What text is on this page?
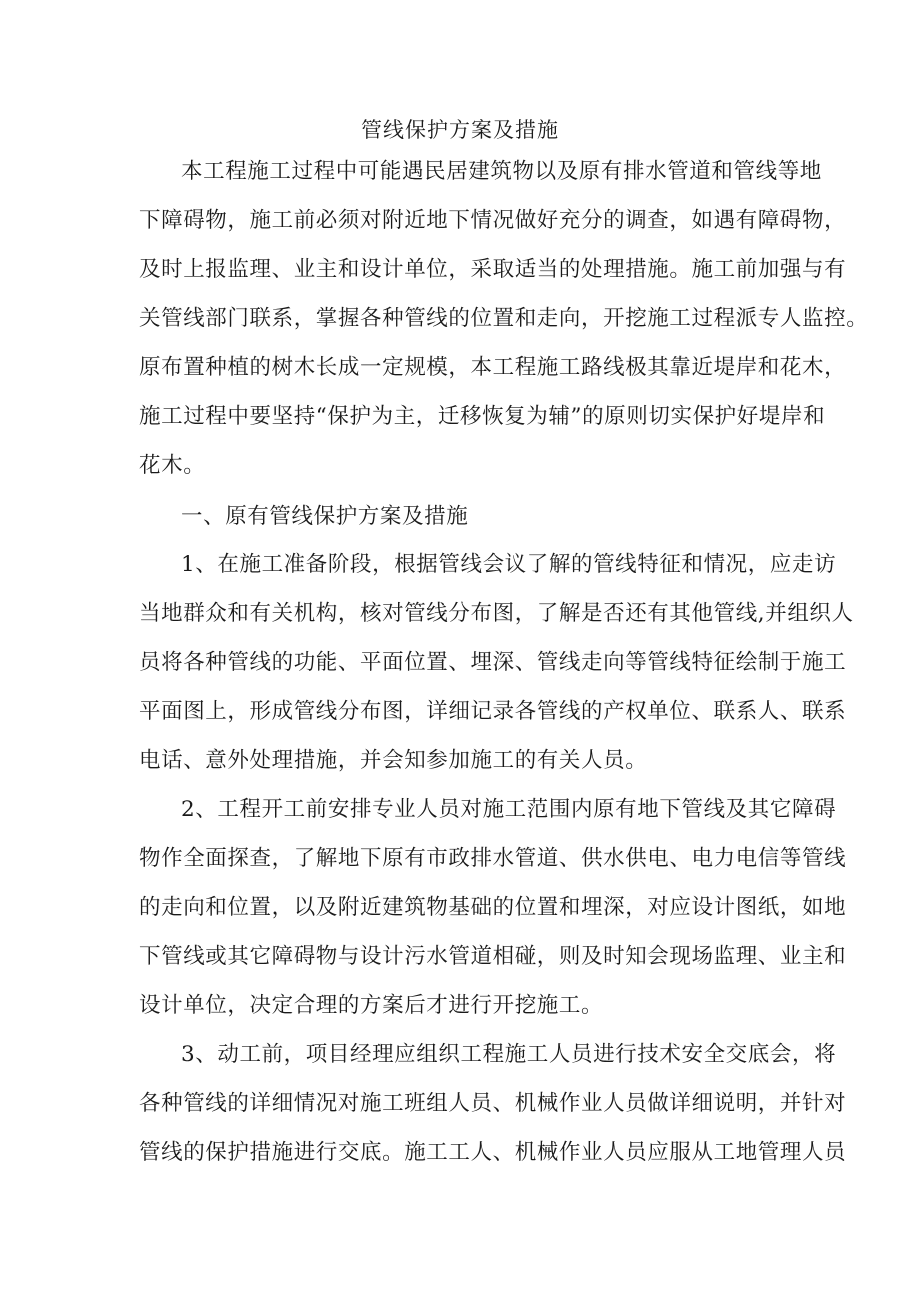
管线保护方案及措施

本工程施工过程中可能遇民居建筑物以及原有排水管道和管线等地

下障碍物，施工前必须对附近地下情况做好充分的调查，如遇有障碍物，

及时上报监理、业主和设计单位，采取适当的处理措施。施工前加强与有

关管线部门联系，掌握各种管线的位置和走向，开挖施工过程派专人监控。

原布置种植的树木长成一定规模，本工程施工路线极其靠近堤岸和花木，

施工过程中要坚持“保护为主，迁移恢复为辅”的原则切实保护好堤岸和

花木。

一、原有管线保护方案及措施

1、在施工准备阶段，根据管线会议了解的管线特征和情况，应走访

当地群众和有关机构，核对管线分布图，了解是否还有其他管线,并组织人

员将各种管线的功能、平面位置、埋深、管线走向等管线特征绘制于施工

平面图上，形成管线分布图，详细记录各管线的产权单位、联系人、联系

电话、意外处理措施，并会知参加施工的有关人员。

2、工程开工前安排专业人员对施工范围内原有地下管线及其它障碍

物作全面探查，了解地下原有市政排水管道、供水供电、电力电信等管线

的走向和位置，以及附近建筑物基础的位置和埋深，对应设计图纸，如地

下管线或其它障碍物与设计污水管道相碰，则及时知会现场监理、业主和

设计单位，决定合理的方案后才进行开挖施工。

3、动工前，项目经理应组织工程施工人员进行技术安全交底会，将

各种管线的详细情况对施工班组人员、机械作业人员做详细说明，并针对

管线的保护措施进行交底。施工工人、机械作业人员应服从工地管理人员
